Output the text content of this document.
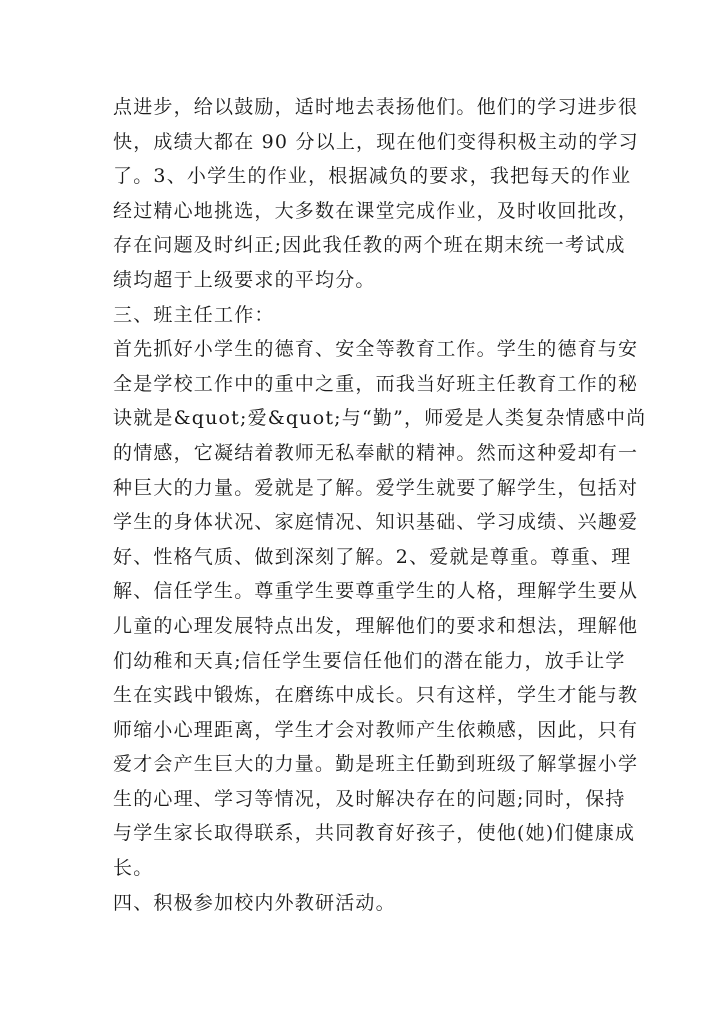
点进步，给以鼓励，适时地去表扬他们。他们的学习进步很
快，成绩大都在 90 分以上，现在他们变得积极主动的学习
了。3、小学生的作业，根据减负的要求，我把每天的作业
经过精心地挑选，大多数在课堂完成作业，及时收回批改，
存在问题及时纠正;因此我任教的两个班在期末统一考试成
绩均超于上级要求的平均分。
三、班主任工作：
首先抓好小学生的德育、安全等教育工作。学生的德育与安
全是学校工作中的重中之重，而我当好班主任教育工作的秘
诀就是&quot;爱&quot;与“勤”，师爱是人类复杂情感中尚
的情感，它凝结着教师无私奉献的精神。然而这种爱却有一
种巨大的力量。爱就是了解。爱学生就要了解学生，包括对
学生的身体状况、家庭情况、知识基础、学习成绩、兴趣爱
好、性格气质、做到深刻了解。2、爱就是尊重。尊重、理
解、信任学生。尊重学生要尊重学生的人格，理解学生要从
儿童的心理发展特点出发，理解他们的要求和想法，理解他
们幼稚和天真;信任学生要信任他们的潜在能力，放手让学
生在实践中锻炼，在磨练中成长。只有这样，学生才能与教
师缩小心理距离，学生才会对教师产生依赖感，因此，只有
爱才会产生巨大的力量。勤是班主任勤到班级了解掌握小学
生的心理、学习等情况，及时解决存在的问题;同时，保持
与学生家长取得联系，共同教育好孩子，使他(她)们健康成
长。
四、积极参加校内外教研活动。
